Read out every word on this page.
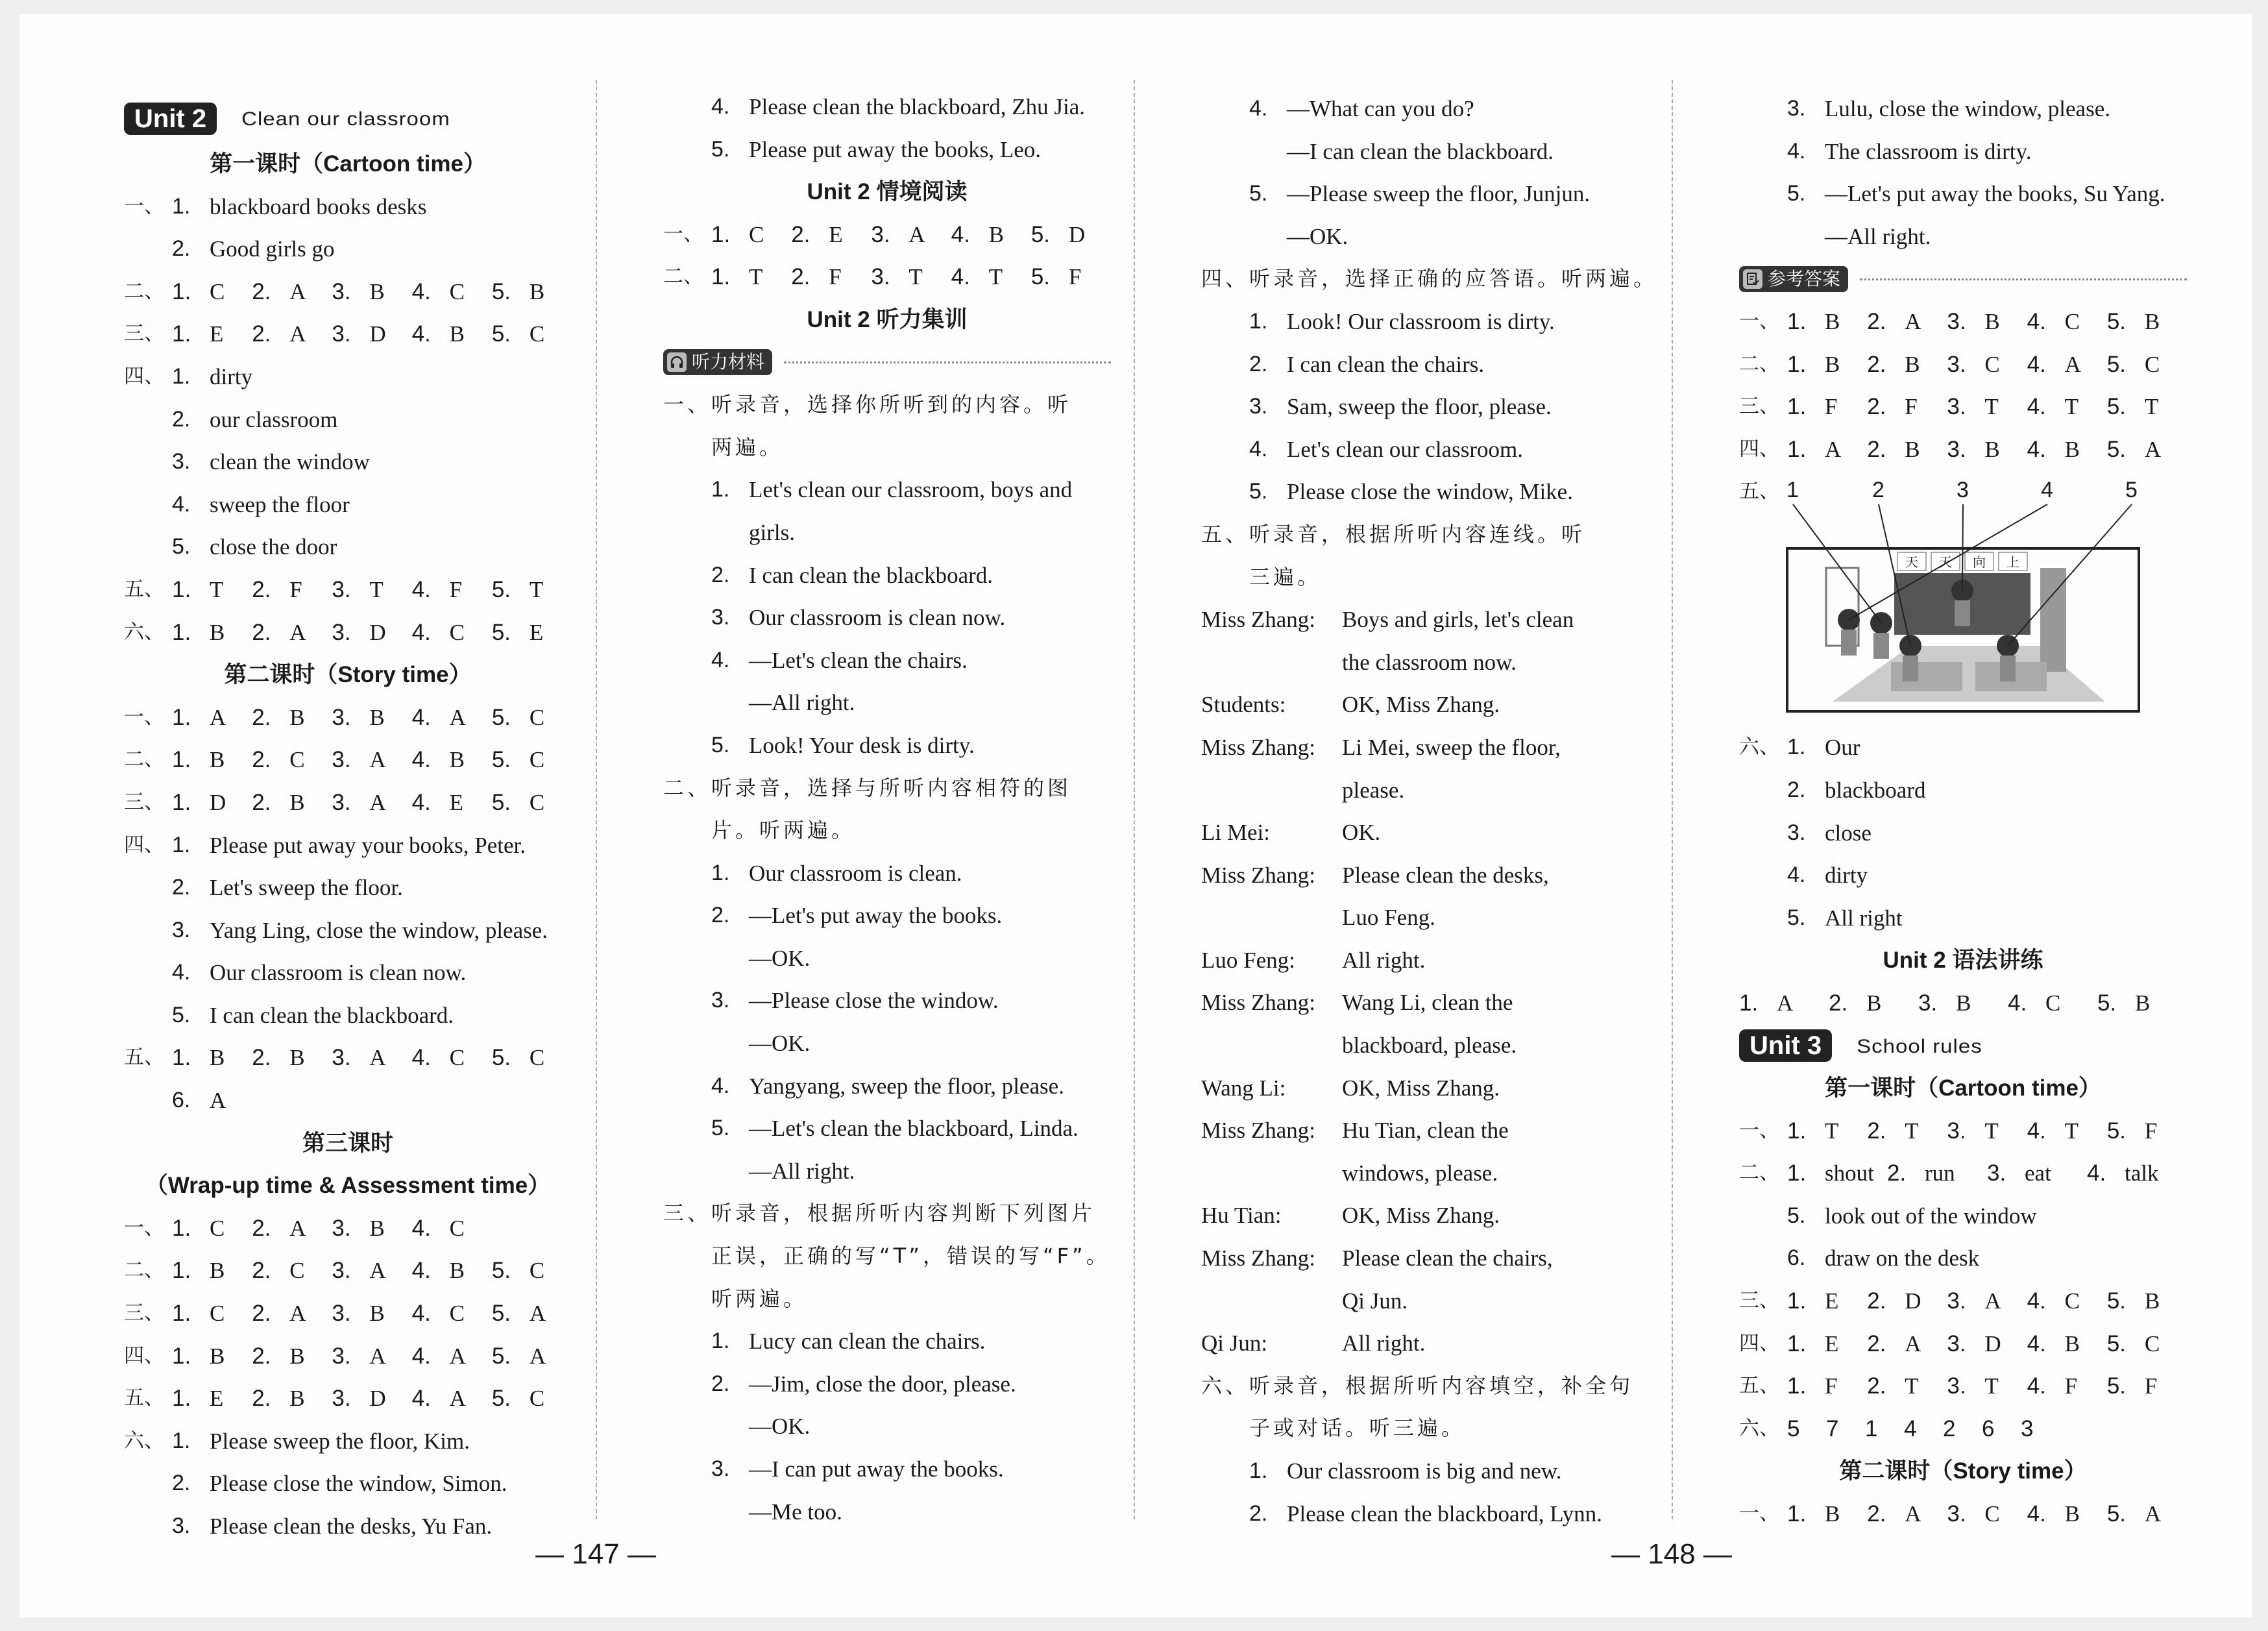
Unit 2	Clean our classroom
第一课时（Cartoon time）
一、 1. blackboard books desks
2. Good girls go
二、 1. C 2. A 3. B 4. C 5. B
三、 1. E 2. A 3. D 4. B 5. C
四、 1. dirty
2. our classroom
3. clean the window
4. sweep the floor
5. close the door
五、 1. T 2. F 3. T 4. F 5. T
六、 1. B 2. A 3. D 4. C 5. E
第二课时（Story time）
一、 1. A 2. B 3. B 4. A 5. C
二、 1. B 2. C 3. A 4. B 5. C
三、 1. D 2. B 3. A 4. E 5. C
四、 1. Please put away your books, Peter.
2. Let's sweep the floor.
3. Yang Ling, close the window, please.
4. Our classroom is clean now.
5. I can clean the blackboard.
五、 1. B 2. B 3. A 4. C 5. C
6. A
第三课时
（Wrap-up time & Assessment time）
一、 1. C 2. A 3. B 4. C
二、 1. B 2. C 3. A 4. B 5. C
三、 1. C 2. A 3. B 4. C 5. A
四、 1. B 2. B 3. A 4. A 5. A
五、 1. E 2. B 3. D 4. A 5. C
六、 1. Please sweep the floor, Kim.
2. Please close the window, Simon.
3. Please clean the desks, Yu Fan.
4. Please clean the blackboard, Zhu Jia.
5. Please put away the books, Leo.
Unit 2 情境阅读
一、 1. C 2. E 3. A 4. B 5. D
二、 1. T 2. F 3. T 4. T 5. F
Unit 2 听力集训
听力材料
一、听录音，选择你所听到的内容。听
两遍。
1. Let's clean our classroom, boys and
girls.
2. I can clean the blackboard.
3. Our classroom is clean now.
4. —Let's clean the chairs.
—All right.
5. Look! Your desk is dirty.
二、听录音，选择与所听内容相符的图
片。听两遍。
1. Our classroom is clean.
2. —Let's put away the books.
—OK.
3. —Please close the window.
—OK.
4. Yangyang, sweep the floor, please.
5. —Let's clean the blackboard, Linda.
—All right.
三、听录音，根据所听内容判断下列图片
正误，正确的写“T”，错误的写“F”。
听两遍。
1. Lucy can clean the chairs.
2. —Jim, close the door, please.
—OK.
3. —I can put away the books.
—Me too.
4. —What can you do?
—I can clean the blackboard.
5. —Please sweep the floor, Junjun.
—OK.
四、听录音，选择正确的应答语。听两遍。
1. Look! Our classroom is dirty.
2. I can clean the chairs.
3. Sam, sweep the floor, please.
4. Let's clean our classroom.
5. Please close the window, Mike.
五、听录音，根据所听内容连线。听
三遍。
Miss Zhang:	Boys and girls, let's clean
the classroom now.
Students:	OK, Miss Zhang.
Miss Zhang:	Li Mei, sweep the floor,
please.
Li Mei:	OK.
Miss Zhang:	Please clean the desks,
Luo Feng.
Luo Feng:	All right.
Miss Zhang:	Wang Li, clean the
blackboard, please.
Wang Li:	OK, Miss Zhang.
Miss Zhang:	Hu Tian, clean the
windows, please.
Hu Tian:	OK, Miss Zhang.
Miss Zhang:	Please clean the chairs,
Qi Jun.
Qi Jun:	All right.
六、听录音，根据所听内容填空，补全句
子或对话。听三遍。
1. Our classroom is big and new.
2. Please clean the blackboard, Lynn.
3. Lulu, close the window, please.
4. The classroom is dirty.
5. —Let's put away the books, Su Yang.
—All right.
参考答案
一、 1. B 2. A 3. B 4. C 5. B
二、 1. B 2. B 3. C 4. A 5. C
三、 1. F 2. F 3. T 4. T 5. T
四、 1. A 2. B 3. B 4. B 5. A
五、
天 天 向 上
1	2	3	4	5
六、 1. Our
2. blackboard
3. close
4. dirty
5. All right
Unit 2 语法讲练
1. A 2. B 3. B 4. C 5. B
Unit 3	School rules
第一课时（Cartoon time）
一、 1. T 2. T 3. T 4. T 5. F
二、 1. shout 2. run 3. eat 4. talk
5. look out of the window
6. draw on the desk
三、 1. E 2. D 3. A 4. C 5. B
四、 1. E 2. A 3. D 4. B 5. C
五、 1. F 2. T 3. T 4. F 5. F
六、 5	7	1	4	2	6	3
第二课时（Story time）
一、 1. B 2. A 3. C 4. B 5. A
— 147 —	— 148 —
